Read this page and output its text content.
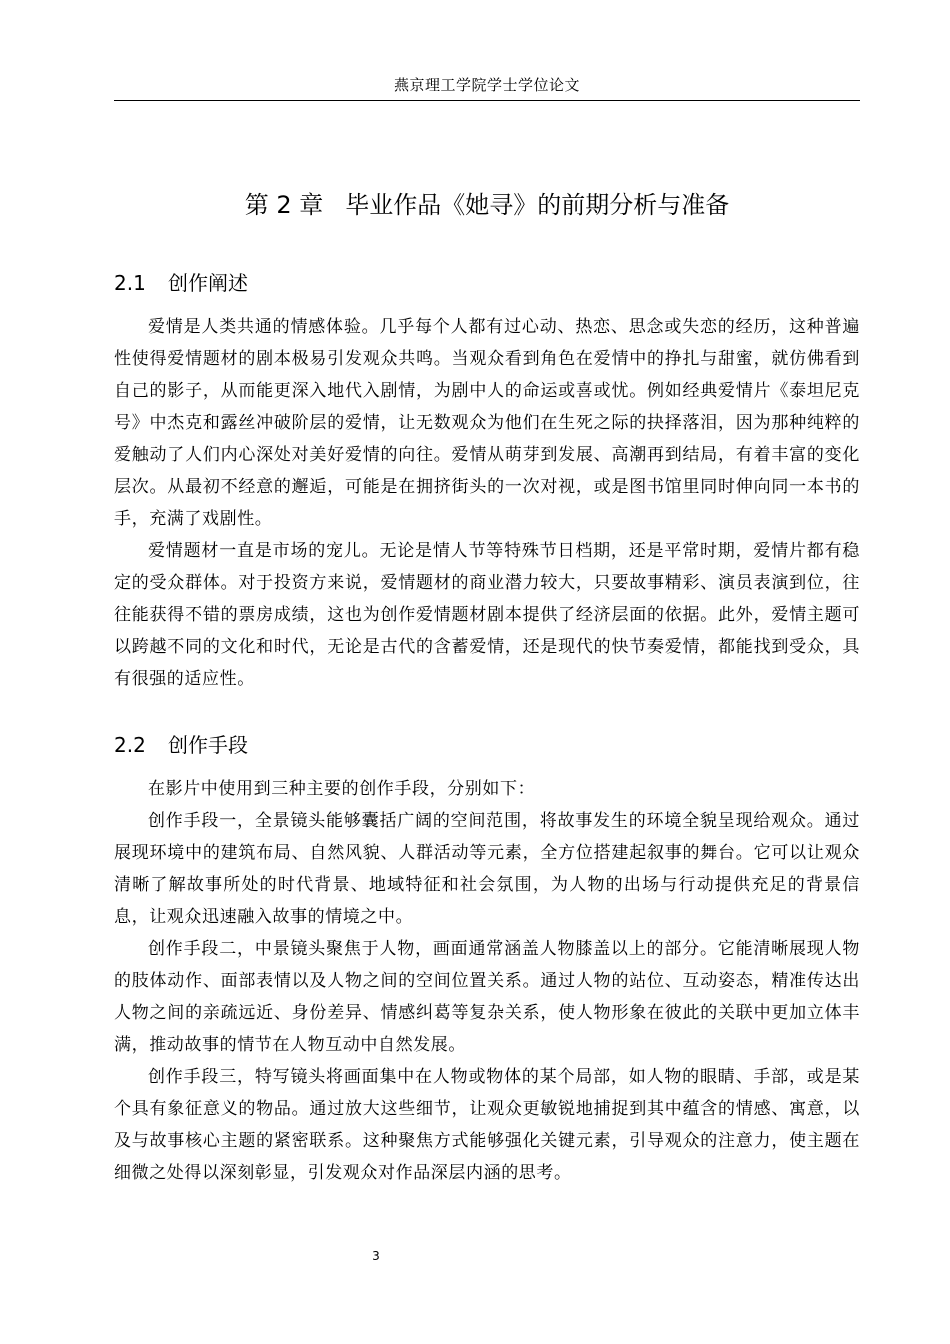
燕京理工学院学士学位论文
第 2 章 毕业作品《她寻》的前期分析与准备
2.1 创作阐述

爱情是人类共通的情感体验。几乎每个人都有过心动、热恋、思念或失恋的经历，这种普遍性使得爱情题材的剧本极易引发观众共鸣。当观众看到角色在爱情中的挣扎与甜蜜，就仿佛看到自己的影子，从而能更深入地代入剧情，为剧中人的命运或喜或忧。例如经典爱情片《泰坦尼克号》中杰克和露丝冲破阶层的爱情，让无数观众为他们在生死之际的抉择落泪，因为那种纯粹的爱触动了人们内心深处对美好爱情的向往。爱情从萌芽到发展、高潮再到结局，有着丰富的变化层次。从最初不经意的邂逅，可能是在拥挤街头的一次对视，或是图书馆里同时伸向同一本书的手，充满了戏剧性。

爱情题材一直是市场的宠儿。无论是情人节等特殊节日档期，还是平常时期，爱情片都有稳定的受众群体。对于投资方来说，爱情题材的商业潜力较大，只要故事精彩、演员表演到位，往往能获得不错的票房成绩，这也为创作爱情题材剧本提供了经济层面的依据。此外，爱情主题可以跨越不同的文化和时代，无论是古代的含蓄爱情，还是现代的快节奏爱情，都能找到受众，具有很强的适应性。

2.2 创作手段

在影片中使用到三种主要的创作手段，分别如下：

创作手段一，全景镜头能够囊括广阔的空间范围，将故事发生的环境全貌呈现给观众。通过展现环境中的建筑布局、自然风貌、人群活动等元素，全方位搭建起叙事的舞台。它可以让观众清晰了解故事所处的时代背景、地域特征和社会氛围，为人物的出场与行动提供充足的背景信息，让观众迅速融入故事的情境之中。

创作手段二，中景镜头聚焦于人物，画面通常涵盖人物膝盖以上的部分。它能清晰展现人物的肢体动作、面部表情以及人物之间的空间位置关系。通过人物的站位、互动姿态，精准传达出人物之间的亲疏远近、身份差异、情感纠葛等复杂关系，使人物形象在彼此的关联中更加立体丰满，推动故事的情节在人物互动中自然发展。

创作手段三，特写镜头将画面集中在人物或物体的某个局部，如人物的眼睛、手部，或是某个具有象征意义的物品。通过放大这些细节，让观众更敏锐地捕捉到其中蕴含的情感、寓意，以及与故事核心主题的紧密联系。这种聚焦方式能够强化关键元素，引导观众的注意力，使主题在细微之处得以深刻彰显，引发观众对作品深层内涵的思考。

3
